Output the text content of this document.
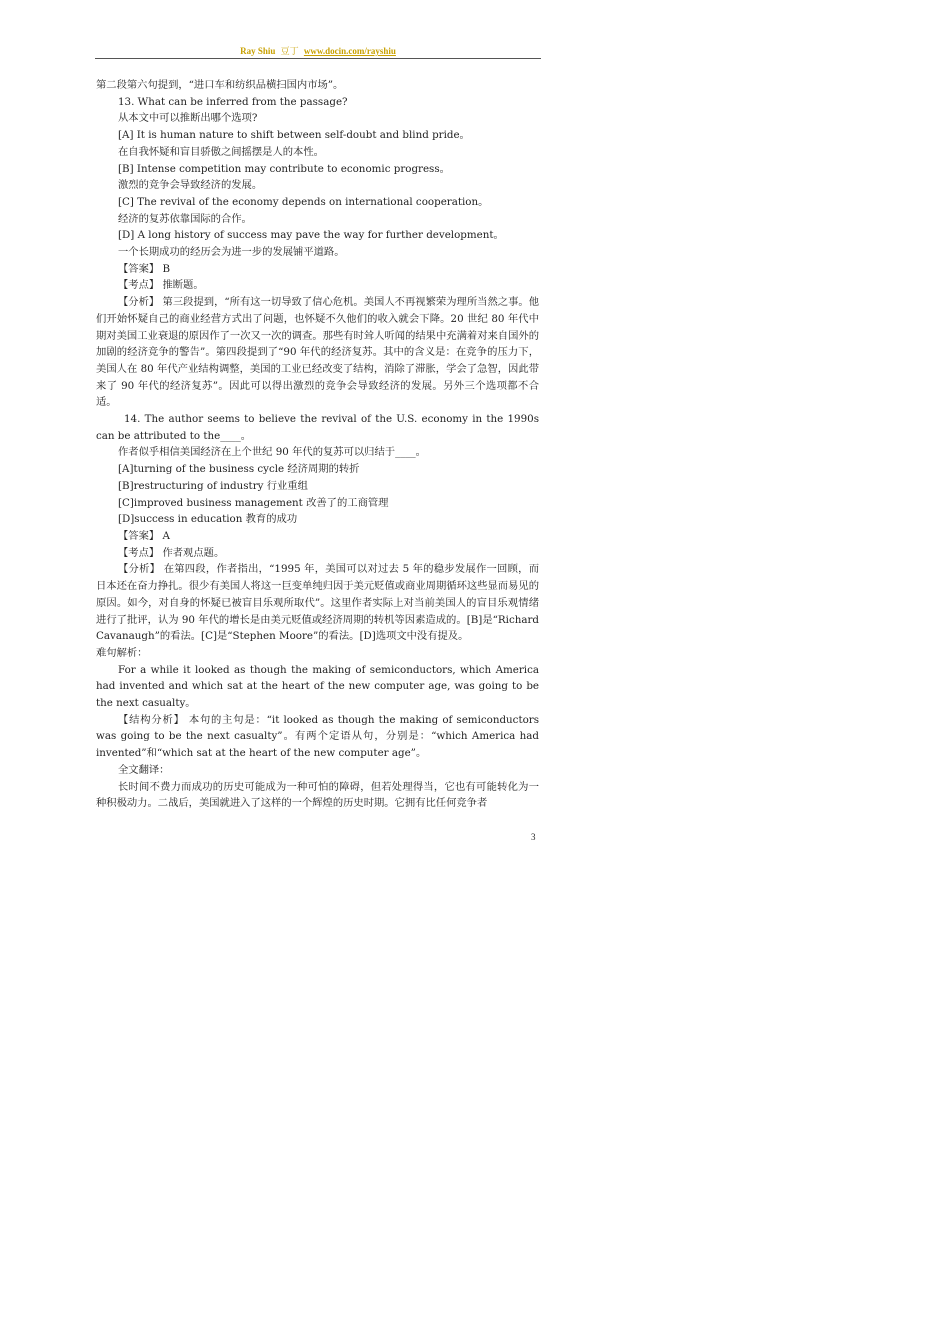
Ray Shiu 豆丁 www.docin.com/rayshiu

第二段第六句提到，“进口车和纺织品横扫国内市场”。

13. What can be inferred from the passage?

从本文中可以推断出哪个选项?

[A] It is human nature to shift between self-doubt and blind pride。

在自我怀疑和盲目骄傲之间摇摆是人的本性。

[B] Intense competition may contribute to economic progress。

激烈的竞争会导致经济的发展。

[C] The revival of the economy depends on international cooperation。

经济的复苏依靠国际的合作。

[D] A long history of success may pave the way for further development。

一个长期成功的经历会为进一步的发展铺平道路。

【答案】 B

【考点】 推断题。

【分析】 第三段提到，“所有这一切导致了信心危机。美国人不再视繁荣为理所当然之事。他们开始怀疑自己的商业经营方式出了问题，也怀疑不久他们的收入就会下降。20 世纪 80 年代中期对美国工业衰退的原因作了一次又一次的调查。那些有时耸人听闻的结果中充满着对来自国外的加剧的经济竞争的警告”。第四段提到了“90 年代的经济复苏。其中的含义是：在竞争的压力下，美国人在 80 年代产业结构调整，美国的工业已经改变了结构，消除了滞胀，学会了急智，因此带来了 90 年代的经济复苏”。因此可以得出激烈的竞争会导致经济的发展。另外三个选项都不合适。

14. The author seems to believe the revival of the U.S. economy in the 1990s can be attributed to the____。

作者似乎相信美国经济在上个世纪 90 年代的复苏可以归结于____。

[A]turning of the business cycle 经济周期的转折

[B]restructuring of industry 行业重组

[C]improved business management 改善了的工商管理

[D]success in education 教育的成功

【答案】 A

【考点】 作者观点题。

【分析】 在第四段，作者指出，“1995 年，美国可以对过去 5 年的稳步发展作一回顾，而日本还在奋力挣扎。很少有美国人将这一巨变单纯归因于美元贬值或商业周期循环这些显而易见的原因。如今，对自身的怀疑已被盲目乐观所取代”。这里作者实际上对当前美国人的盲目乐观情绪进行了批评，认为 90 年代的增长是由美元贬值或经济周期的转机等因素造成的。[B]是“Richard Cavanaugh”的看法。[C]是“Stephen Moore”的看法。[D]选项文中没有提及。

难句解析：

For a while it looked as though the making of semiconductors, which America had invented and which sat at the heart of the new computer age, was going to be the next casualty。

【结构分析】 本句的主句是：“it looked as though the making of semiconductors was going to be the next casualty”。有两个定语从句，分别是：“which America had invented”和“which sat at the heart of the new computer age”。

全文翻译：

长时间不费力而成功的历史可能成为一种可怕的障碍，但若处理得当，它也有可能转化为一种积极动力。二战后，美国就进入了这样的一个辉煌的历史时期。它拥有比任何竞争者

3
